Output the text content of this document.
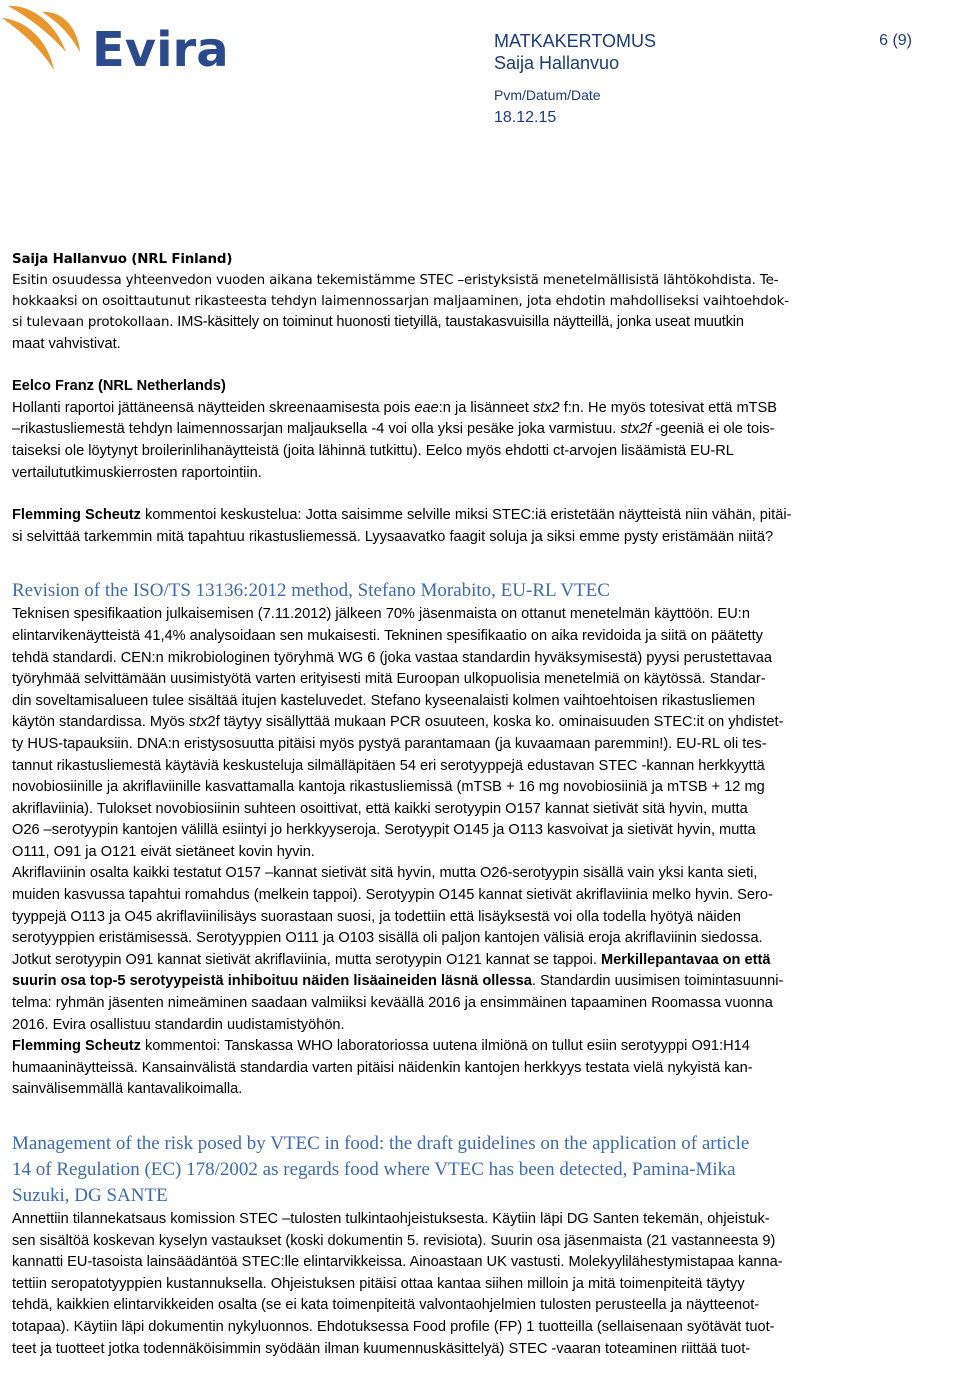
Evira	MATKAKERTOMUS
Saija Hallanvuo
Pvm/Datum/Date
18.12.15
6 (9)

Saija Hallanvuo (NRL Finland)

Esitin osuudessa yhteenvedon vuoden aikana tekemistämme STEC –eristyksistä menetelmällisistä lähtökohdista. Te-

hokkaaksi on osoittautunut rikasteesta tehdyn laimennossarjan maljaaminen, jota ehdotin mahdolliseksi vaihtoehdok-

si tulevaan protokollaan. IMS-käsittely on toiminut huonosti tietyillä, taustakasvuisilla näytteillä, jonka useat muutkin

maat vahvistivat.

Eelco Franz (NRL Netherlands)

Hollanti raportoi jättäneensä näytteiden skreenaamisesta pois eae:n ja lisänneet stx2 f:n. He myös totesivat että mTSB

–rikastusliemestä tehdyn laimennossarjan maljauksella -4 voi olla yksi pesäke joka varmistuu. stx2f -geeniä ei ole tois-

taiseksi ole löytynyt broilerinlihanäytteistä (joita lähinnä tutkittu). Eelco myös ehdotti ct-arvojen lisäämistä EU-RL

vertailututkimuskierrosten raportointiin.

Flemming Scheutz kommentoi keskustelua: Jotta saisimme selville miksi STEC:iä eristetään näytteistä niin vähän, pitäi-

si selvittää tarkemmin mitä tapahtuu rikastusliemessä. Lyysaavatko faagit soluja ja siksi emme pysty eristämään niitä?

Revision of the ISO/TS 13136:2012 method, Stefano Morabito, EU-RL VTEC

Teknisen spesifikaation julkaisemisen (7.11.2012) jälkeen 70% jäsenmaista on ottanut menetelmän käyttöön. EU:n

elintarvikenäytteistä 41,4% analysoidaan sen mukaisesti. Tekninen spesifikaatio on aika revidoida ja siitä on päätetty

tehdä standardi. CEN:n mikrobiologinen työryhmä WG 6 (joka vastaa standardin hyväksymisestä) pyysi perustettavaa

työryhmää selvittämään uusimistyötä varten erityisesti mitä Euroopan ulkopuolisia menetelmiä on käytössä. Standar-

din soveltamisalueen tulee sisältää itujen kasteluvedet. Stefano kyseenalaisti kolmen vaihtoehtoisen rikastusliemen

käytön standardissa. Myös stx2f täytyy sisällyttää mukaan PCR osuuteen, koska ko. ominaisuuden STEC:it on yhdistet-

ty HUS-tapauksiin. DNA:n eristysosuutta pitäisi myös pystyä parantamaan (ja kuvaamaan paremmin!). EU-RL oli tes-

tannut rikastusliemestä käytäviä keskusteluja silmälläpitäen 54 eri serotyyppejä edustavan STEC -kannan herkkyyttä

novobiosiinille ja akriflaviinille kasvattamalla kantoja rikastusliemissä (mTSB + 16 mg novobiosiiniä ja mTSB + 12 mg

akriflaviinia). Tulokset novobiosiinin suhteen osoittivat, että kaikki serotyypin O157 kannat sietivät sitä hyvin, mutta

O26 –serotyypin kantojen välillä esiintyi jo herkkyyseroja. Serotyypit O145 ja O113 kasvoivat ja sietivät hyvin, mutta

O111, O91 ja O121 eivät sietäneet kovin hyvin.

Akriflaviinin osalta kaikki testatut O157 –kannat sietivät sitä hyvin, mutta O26-serotyypin sisällä vain yksi kanta sieti,

muiden kasvussa tapahtui romahdus (melkein tappoi). Serotyypin O145 kannat sietivät akriflaviinia melko hyvin. Sero-

tyyppejä O113 ja O45 akriflaviinilisäys suorastaan suosi, ja todettiin että lisäyksestä voi olla todella hyötyä näiden

serotyyppien eristämisessä. Serotyyppien O111 ja O103 sisällä oli paljon kantojen välisiä eroja akriflaviinin siedossa.

Jotkut serotyypin O91 kannat sietivät akriflaviinia, mutta serotyypin O121 kannat se tappoi. Merkillepantavaa on että

suurin osa top-5 serotyypeistä inhiboituu näiden lisäaineiden läsnä ollessa. Standardin uusimisen toimintasuunni-

telma: ryhmän jäsenten nimeäminen saadaan valmiiksi keväällä 2016 ja ensimmäinen tapaaminen Roomassa vuonna

2016. Evira osallistuu standardin uudistamistyöhön.

Flemming Scheutz kommentoi: Tanskassa WHO laboratoriossa uutena ilmiönä on tullut esiin serotyyppi O91:H14

humaaninäytteissä. Kansainvälistä standardia varten pitäisi näidenkin kantojen herkkyys testata vielä nykyistä kan-

sainvälisemmällä kantavalikoimalla.

Management of the risk posed by VTEC in food: the draft guidelines on the application of article

14 of Regulation (EC) 178/2002 as regards food where VTEC has been detected, Pamina-Mika

Suzuki, DG SANTE

Annettiin tilannekatsaus komission STEC –tulosten tulkintaohjeistuksesta. Käytiin läpi DG Santen tekemän, ohjeistuk-

sen sisältöä koskevan kyselyn vastaukset (koski dokumentin 5. revisiota). Suurin osa jäsenmaista (21 vastanneesta 9)

kannatti EU-tasoista lainsäädäntöä STEC:lle elintarvikkeissa. Ainoastaan UK vastusti. Molekyylilähestymistapaa kanna-

tettiin seropatotyyppien kustannuksella. Ohjeistuksen pitäisi ottaa kantaa siihen milloin ja mitä toimenpiteitä täytyy

tehdä, kaikkien elintarvikkeiden osalta (se ei kata toimenpiteitä valvontaohjelmien tulosten perusteella ja näytteenot-

totapaa). Käytiin läpi dokumentin nykyluonnos. Ehdotuksessa Food profile (FP) 1 tuotteilla (sellaisenaan syötävät tuot-

teet ja tuotteet jotka todennäköisimmin syödään ilman kuumennuskäsittelyä) STEC -vaaran toteaminen riittää tuot-
